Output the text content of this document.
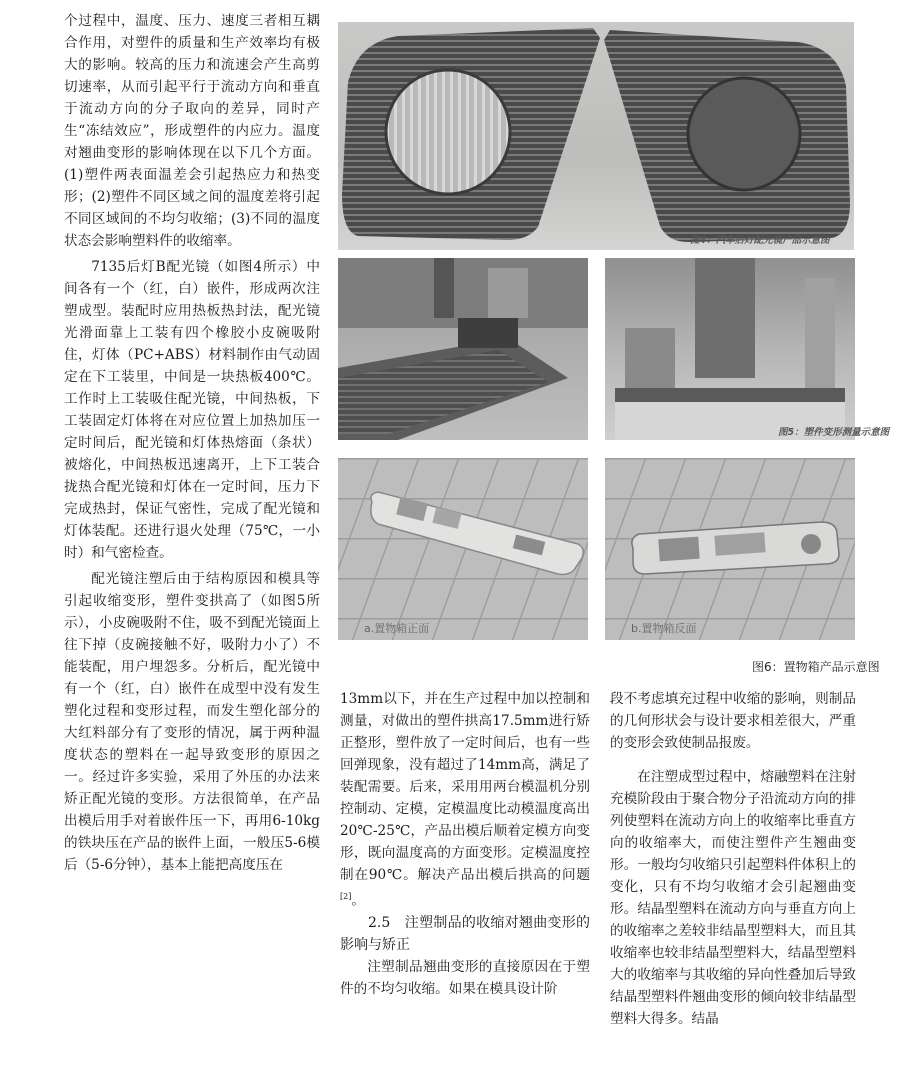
个过程中，温度、压力、速度三者相互耦合作用，对塑件的质量和生产效率均有极大的影响。较高的压力和流速会产生高剪切速率，从而引起平行于流动方向和垂直于流动方向的分子取向的差异，同时产生“冻结效应”，形成塑件的内应力。温度对翘曲变形的影响体现在以下几个方面。(1)塑件两表面温差会引起热应力和热变形；(2)塑件不同区域之间的温度差将引起不同区域间的不均匀收缩；(3)不同的温度状态会影响塑料件的收缩率。

7135后灯B配光镜（如图4所示）中间各有一个（红，白）嵌件，形成两次注塑成型。装配时应用热板热封法，配光镜光滑面靠上工装有四个橡胶小皮碗吸附住，灯体（PC+ABS）材料制作由气动固定在下工装里，中间是一块热板400℃。工作时上工装吸住配光镜，中间热板，下工装固定灯体将在对应位置上加热加压一定时间后，配光镜和灯体热熔面（条状）被熔化，中间热板迅速离开，上下工装合拢热合配光镜和灯体在一定时间，压力下完成热封，保证气密性，完成了配光镜和灯体装配。还进行退火处理（75℃，一小时）和气密检查。

配光镜注塑后由于结构原因和模具等引起收缩变形，塑件变拱高了（如图5所示），小皮碗吸附不住，吸不到配光镜面上往下掉（皮碗接触不好，吸附力小了）不能装配，用户埋怨多。分析后，配光镜中有一个（红，白）嵌件在成型中没有发生塑化过程和变形过程，而发生塑化部分的大红料部分有了变形的情况，属于两种温度状态的塑料在一起导致变形的原因之一。经过许多实验，采用了外压的办法来矫正配光镜的变形。方法很简单，在产品出模后用手对着嵌件压一下，再用6-10kg的铁块压在产品的嵌件上面，一般压5-6模后（5-6分钟），基本上能把高度压在

图4：汽车后灯配光镜产品示意图
图5：塑件变形测量示意图
a.置物箱正面	b.置物箱反面
图6：置物箱产品示意图

13mm以下，并在生产过程中加以控制和测量，对做出的塑件拱高17.5mm进行矫正整形，塑件放了一定时间后，也有一些回弹现象，没有超过了14mm高，满足了装配需要。后来，采用用两台模温机分别控制动、定模，定模温度比动模温度高出20℃-25℃，产品出模后顺着定模方向变形，既向温度高的方面变形。定模温度控制在90℃。解决产品出模后拱高的问题[2]。

2.5　注塑制品的收缩对翘曲变形的影响与矫正

注塑制品翘曲变形的直接原因在于塑件的不均匀收缩。如果在模具设计阶

段不考虑填充过程中收缩的影响，则制品的几何形状会与设计要求相差很大，严重的变形会致使制品报废。

在注塑成型过程中，熔融塑料在注射充模阶段由于聚合物分子沿流动方向的排列使塑料在流动方向上的收缩率比垂直方向的收缩率大，而使注塑件产生翘曲变形。一般均匀收缩只引起塑料件体积上的变化，只有不均匀收缩才会引起翘曲变形。结晶型塑料在流动方向与垂直方向上的收缩率之差较非结晶型塑料大，而且其收缩率也较非结晶型塑料大，结晶型塑料大的收缩率与其收缩的异向性叠加后导致结晶型塑料件翘曲变形的倾向较非结晶型塑料大得多。结晶
